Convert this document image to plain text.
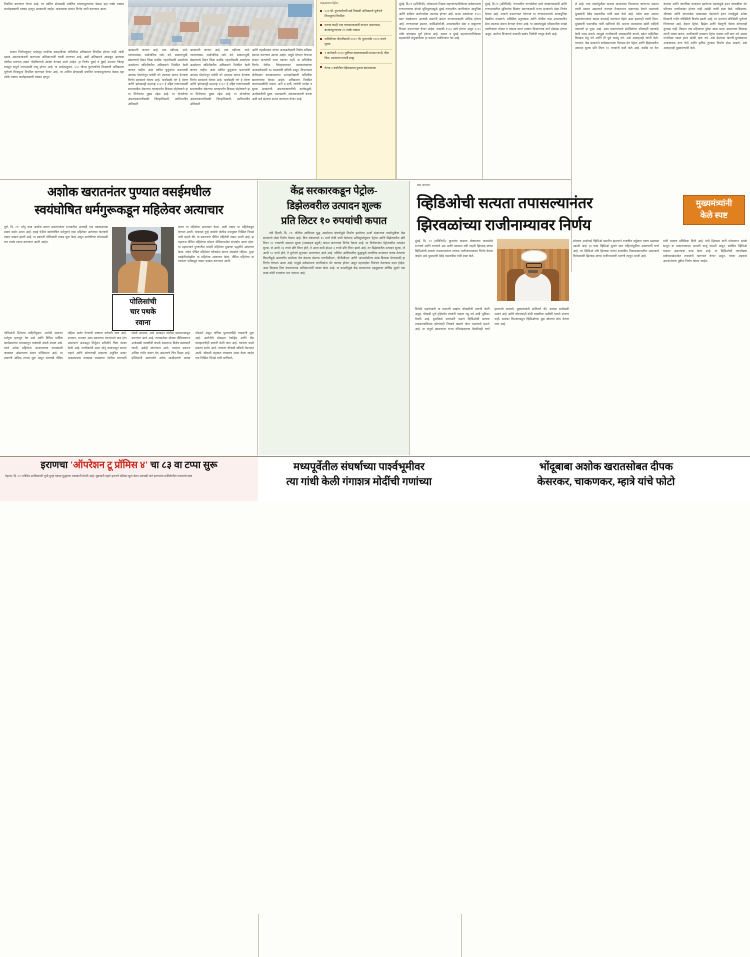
नियमित करण्यात येणार आहे. तर उर्वरित क्षेत्रासाठी प्रचलित बाजारमूल्याच्या केवळ दहा टक्के रक्कम कब्जेहक्काची रक्कम म्हणून आकारली जाईल, याबाबतचा शासन निर्णय जारी करण्यात आला.

शासन निर्णयानुसार भाडेपट्टा नागरिक वसाहतीच्या जमिनीवर अतिक्रमण नियमित होणार नाही. याची दक्षता अंमलबजावणी करणाऱ्या अधिकाऱ्यांनी घ्यावी लागणार आहे. अशी अतिक्रमणे आढळून आल्यास पोलीस ठाण्यात तक्रार नोंदविण्याचे आदेश देण्यात आले आहेत. हा निर्णय मुंबई व मुंबई उपनगर जिल्हा वगळून संपूर्ण राज्यासाठी लागू होणार आहे. या आदेशानुसार, ५०० चौरस फुटांपर्यंतचे मिळकती अतिक्रमण पूर्णपणे विनामूल्य नियमित करण्यात येणार आहे. तर उर्वरित क्षेत्रासाठी प्रचलित बाजारमूल्याच्या केवळ दहा टक्के रक्कम कब्जेहक्काची रक्कम म्हणून

आकारली जाणार आहे. मात्र नदीपात्र, नाले, नाल्याजवळ, सार्वजनिक रस्ते, वने, स्मशानभूमी, खेळण्याचे मैदान किंवा राखीव, रहदारीसाठी असलेल्या असलेल्या जमिनीवरील अतिक्रमणे नियमित केली जाणार नाहीत. अशा बाधित कुटुंबांना 'प्रधानमंत्री आवास योजने'तून पर्यायी घरे उपलब्ध करून देण्याचा निर्णय सरकारने घेतला आहे. 'सर्वांसाठी घरे' हे धोरण आणि 'झोपडपट्टी महाराष्ट्र २०२२' हे उद्दिष्ट गाठण्यासाठी समाजातील शेवटच्या घटकापर्यंत विकास पोहोचवणे हा या निर्णयाचा मुख्य उद्देश आहे. या योजनेच्या अंमलबजावणीसाठी जिल्हाधिकारी, उपविभागीय अधिकारी

आकारली जाणार आहे. मात्र नदीपात्र, नाले, नाल्याजवळ, सार्वजनिक रस्ते, वने, स्मशानभूमी, खेळण्याचे मैदान किंवा राखीव, रहदारीसाठी असलेल्या असलेल्या जमिनीवरील अतिक्रमणे नियमित केली जाणार नाहीत. अशा बाधित कुटुंबांना 'प्रधानमंत्री आवास योजने'तून पर्यायी घरे उपलब्ध करून देण्याचा निर्णय सरकारने घेतला आहे. 'सर्वांसाठी घरे' हे धोरण आणि 'झोपडपट्टी महाराष्ट्र २०२२' हे उद्दिष्ट गाठण्यासाठी समाजातील शेवटच्या घटकापर्यंत विकास पोहोचवणे हा या निर्णयाचा मुख्य उद्देश आहे. या योजनेच्या अंमलबजावणीसाठी जिल्हाधिकारी, उपविभागीय अधिकारी

आणि तहसीलदार यांच्या अध्यक्षतेखाली विशेष समित्या स्थापन करण्यात आल्या आहेत. यापुढे देण्यात येणाऱ्या शासन मान्यतेची गरज पडणार नाही. या समितीचा निर्णय घेतील, जिल्हास्तरावर पालकमंत्र्यांच्या अध्यक्षतेखाली १७ सदस्यांची समिती असून, विभागस्तर क्षेत्रीयस्तर कामकाजाच्या अध्यक्षतेखाली समितीचा स्थापण्याचा वेगळा आहेत. अतिक्रमण नियमित करण्यासाठीची पात्रता, अटी व शर्ती, जागेची मर्यादा व शुल्क आकारणी, अंमलबजावणीची कार्यपद्धती, अर्जांसाठीची मुदत, पडताळणी, अंमलबजावणी यंत्रणा अशी सर्व संरचना सज्ज करण्यात येणार आहे.

पाऊसमात येईल.
५०० चौ. फुटापर्यंतची सर्व निवासी अतिक्रमणे पूर्णपणे विनामूल्य नियमित
घराचा काही भाग व्यवसायासाठी वापरत असल्यास, बाजारमूल्याच्या २५ टक्के रक्कम
जमिनीच्या नोंदणीसाठी १००० चौ. फुटापर्यंत १००० रुपये शुल्क
१ जानेवारी २०११ पूर्वीच्या वास्तव्यासाठी मतदार यादी, वीज बिल, मालमत्ता पावती ग्राह्य
गेल्या १ वर्षातील रहिवासाचा पुरावा बंधनकारक

मुंबई, दि.२९ (प्रतिनिधी): लोकमान्य टिळक महानगरपालिकेच्या सर्वसाधारण रुग्णालयाच्या दोनशे भूमिपूजनामुळे मुंबई राज्यातील नागरिकांना आधुनिक आणि दर्जेदार आरोग्यसेवा उपलब्ध होणार आहे. सध्या असलेल्या १५०० खाट संख्येवरून आणखी खाटांनी क्षमता रुग्णालयासाठी अधिक होणार आहे. रुग्णालयात इमारत, कार्डिओलॉजी, आपत्कालीन सेवा व बाह्यरुग्ण विभाग उभारण्यात येणार आहेत. यासाठी १५०० खर्च होणार असून २०२० पर्यंत बांधकाम पूर्ण होणार आहे. शासन व मुंबई महानगरपालिकेच्या सहकार्याने संयुक्तरीत्या हा प्रकल्प राबविण्यात येत आहे.

मुंबई, दि.२९ (प्रतिनिधी): राज्यातील रुग्णसेवेचा दर्जा उंचावण्यासाठी आणि रुग्णालयांतील सुविधांचा विस्तार करण्यासाठी राज्य सरकारने मोठा निर्णय घेतला आहे. नव्याने उभारण्यात येणाऱ्या या रुग्णालयामध्ये अत्याधुनिक वैद्यकीय उपकरणे, प्रशिक्षित मनुष्यबळ आणि चोवीस तास आपत्कालीन सेवा उपलब्ध करून देण्यात येणार आहे. या प्रकल्पामुळे परिसरातील लाखो नागरिकांना मोफत व माफक दरात उपचार मिळण्याचा मार्ग मोकळा होणार असून, आरोग्य विभागाने यासाठी स्वतंत्र निधीची तरतूद केली आहे.

ले आहे. याच पार्श्वभूमीवर समाज माध्यमांवर फिरवल्या जाणाऱ्या अफवा त्यांनी पसरत असल्याने राज्यात गैरकारभार वाढण्यास वेगाने नसल्याचे मुख्यमंत्री देवेंद्र फडणवीस यांनी स्पष्ट केले आहे. तसेच अशा अफवा पसरवणाऱ्यांवर कडक कारवाई करण्यात येईल असा इशाराही त्यांनी दिला. मुख्यमंत्री फडणवीस यांनी सांगितले की, समाज माध्यमांवर खोटी माहिती पसरवणे हा गुन्हा आहे. अशा प्रकरणांमध्ये संबंधितांवर फौजदारी कारवाई केली जाऊ शकते. त्यामुळे नागरिकांनी जबाबदारीने वागणे, खोटा माहितीवर विश्वास ठेवू नये आणि ती पुढे पाठवू नये, असे आवाहनही त्यांनी केले. दरम्यान, केंद्र सरकारने सर्वसामान्यांना दिलासा देत पेट्रोल आणि डिझेलवरील उत्पादन शुल्क प्रति लिटर १० रुपयांनी कमी केले आहे. वाढीव दर तेल कंपन्या आणि जागतिक बाजारात झालेल्या बदलांमुळे इंधन दरवाढीचा थेट परिणाम नागरिकांवर होणार नाही असेही त्यांनी स्पष्ट केले. पाकिस्तान, श्रीलंका आणि बांगलादेश यांसारख्या देशांमध्ये इंधन टंचाईमुळे अनेक ठिकाणी गंभीर परिस्थिती निर्माण झाली आहे, तर भारतात परिस्थिती पूर्णपणे नियंत्रणात आहे. देशात पेट्रोल, डिझेल आणि गॅसगुणी गॅसचा कोणताही तुटवडा नाही. किमान एक महिन्याचा पुरेसा साठा सध्या असल्याचा विश्वास त्यांनी व्यक्त करून, नागरिकांनी घाबरून पेट्रोल पंपावर गर्दी करू नये अथवा गरजेपेक्षा जास्त इंधन खरेदी करू नये. असे केल्यास मागणी-पुरवठ्यावर अनावश्यक ताण येतो आणि कृत्रिम तुटवडा निर्माण होऊ शकतो, असे आवाहनही मुख्यमंत्र्यांनी केले.

अशोक खरातनंतर पुण्यात वसईमधील
स्वयंघोषित धर्मगुरूकडून महिलेवर अत्याचार

पुणे, दि. २९: भोंदू बाबा अशोक खरात प्रकरणानंतर राज्यातील आणखी एक धक्कादायक प्रकार समोर आला आहे. वसई येथील स्वयंघोषित धर्मगुरूने एका महिलेवर अत्याचार केल्याची तक्रार दाखल झाली आहे. या प्रकरणी पोलिसांनी तपास सुरू केला असून आरोपीच्या शोधासाठी चार पथके रवाना करण्यात आली आहेत.

पोलिसांची
चार पथके
रवाना

लावर या महिलेचा अत्याचार केला. अशी तक्रार या महिलेकडून देण्यात आली. याबाबत गुन्हे शाखेचे पोलीस उपायुक्त निखिल पिंगळे यांनी म्हटले की, या प्रकरणात पीडित महिलेची तक्रार आली आहे. हा महाराज पीडित महिलेच्या सोशल मीडियामार्फत संपर्कात आला होता. या महाराजाने पुण्यातील मांजरी महिलेवर बुवाच्या पद्धतीने अत्याचार केला. तसेच पीडित महिलेवर ब्लॅकमेल करून संपर्कात राहिला. पुन्हा वसईतीलदेखील या महिलेचा अत्याचार केला. पीडित महिलेचा या त्यानंतर पतीकडून तक्रार दाखल करण्यात आली.

पोलिसांनी दिलेल्या माहितीनुसार, आरोपी स्वतःला धर्मगुरू म्हणवून घेत असे आणि विविध धार्मिक कार्यक्रमांच्या माध्यमातून भक्तांशी संपर्क साधत असे. त्याने अनेक महिलांना अध्यात्माच्या नावाखाली जाळ्यात ओढल्याचा संशय पोलिसांना आहे. या प्रकरणी अधिक तपास सुरू असून आणखी पीडित महिला समोर येण्याची शक्यता वर्तवली जात आहे. दरम्यान, राज्यात अशा प्रकारच्या घटनांमध्ये वाढ होत असल्याने अंधश्रद्धा निर्मूलन समितीने चिंता व्यक्त केली आहे. नागरिकांनी अशा भोंदू बाबांपासून सावध राहावे आणि कोणत्याही प्रकारचा अनुचित प्रकार आढळल्यास तात्काळ जवळच्या पोलीस ठाण्याशी संपर्क साधावा, असे आवाहन पोलीस प्रशासनाकडून करण्यात आले आहे. त्याचबरोबर सोशल मीडियावरून अनोळखी व्यक्तींशी संपर्क साधताना विशेष खबरदारी घ्यावी, असेही सांगण्यात आले. त्यानंतर प्रकरण अधिक गंभीर वळण घेत असल्याचे चित्र दिसत आहे. पोलिसांनी आतापर्यंत अनेक साक्षीदारांचे जबाब नोंदवले असून तांत्रिक पुराव्यांचीही तपासणी सुरू आहे. आरोपीचे मोबाइल रेकॉर्ड्स आणि बँक व्यवहारांचीही छाननी केली जात आहे. त्यानंतर घडले प्रकरण समोर आले. त्यानंतर चौकशी समिती नेमण्यात आली. चौकशी अहवाल लवकरच सादर केला जाईल एक निखिल पिंगळे यांनी सांगितले.

केंद्र सरकारकडून पेट्रोल-
डिझेलवरील उत्पादन शुल्क
प्रति लिटर १० रुपयांची कपात

नवी दिल्ली, दि. २९: पश्चिम आशियात युद्ध असलेल्या संघर्षामुळे निर्माण झालेल्या ऊर्जा संकटाच्या पार्श्वभूमीवर केंद्र सरकारने मोठा निर्णय घेतला आहे. वित्त मंत्रालयाने १५ मार्च रोजी जारी केलेल्या अधिसूचनेनुसार पेट्रोल आणि डिझेलवरील प्रति लिटर १० रुपयांची उत्पादन शुल्क (एक्साइज ड्युटी) कपात करण्याचा निर्णय घेतला आहे. या निर्णयानंतर पेट्रोलवरील उत्पादन शुल्क, जे आधी १३ रुपये प्रति लिटर होते, ते आता कमी होऊन ३ रुपये प्रति लिटर झाले आहे. तर डिझेलवरील उत्पादन शुल्क, जे आधी १० रुपये होते, ते पूर्णपणे शून्यावर आणण्यात आले आहे. पश्चिम आशियातील युद्धामुळे जागतिक बाजारात कच्चा तेलाच्या किमतीमुळे अडचणीत आलेल्या तेल कंपन्या कंपन्या 'एचपीसीएल', 'बीपीसीएल' आणि 'आयओसी'ला खांद्य दिलासा देण्यासाठी हा निर्णय घेण्यात आला आहे. यामुळे सर्वसामान्य नागरिकांना थेट फायदा होणार असून महागाईवर नियंत्रण ठेवण्यास मदत होईल, असा विश्वास वित्त मंत्रालयाच्या अधिकाऱ्यांनी व्यक्त केला आहे. या कपातीमुळे केंद्र सरकारच्या महसुलावर वार्षिक सुमारे एक लाख कोटी रुपयांचा भार पडणार आहे.

दाम साधला.
व्हिडिओची सत्यता तपासल्यानंतर
झिरवळांच्या राजीनाम्यावर निर्णय
मुख्यमंत्र्यांनी
केले स्पष्ट

मुंबई, दि. २९ (प्रतिनिधी): कुन्यांचा वाढत्या धोक्याच्या पाठवलेले राज्याचे आणि राज्याचे अन्न आणि प्रशासन मंत्री नरहरी झिरवळ यांच्या व्हिडिओची सत्यता तपासल्यानंतर त्यांच्या राजीनाम्याबाबत निर्णय घेतला जाईल असे मुख्यमंत्री देवेंद्र फडणवीस यांनी स्पष्ट केले.

सोबतच आक्षेपार्ह व्हिडिओ प्रसारित झाल्याने राजकीय वर्तुळात एकच खळबळ उडाली आहे. हा दावा व्हिडिओ सुमारे सात महिन्यांपूर्वीचा असल्याची चर्चा आहे. तर व्हिडिओ मंत्री झिरवळ यांच्या शासकीय निवासस्थानातील असल्याचे विरोधकांनी झिरवळ यांच्या राजीनाम्याची मागणी लावून धरली आहे.

यांनी प्रथमच प्रतिक्रिया दिली आहे. मंत्री झिरवळ यांनी फोनवरून संपर्क साधून या प्रकरणाबाबत आपली बाजू मांडली असून, संबंधित व्हिडिओ बनावट असल्याचा दावा केला आहे. या व्हिडिओची न्यायवैद्यक प्रयोगशाळेमार्फत तपासणी करण्यात येणार असून, त्याचा अहवाल आल्यानंतरच पुढील निर्णय घेतला जाईल.

विरोधी पक्षनेत्यांनी या प्रकरणी सखोल चौकशीची मागणी केली असून, चौकशी पूर्ण होईपर्यंत मंत्र्यांनी पदावर राहू नये अशी भूमिका घेतली आहे. दुसरीकडे सत्ताधारी पक्षाने व्हिडिओची सत्यता तपासल्याशिवाय कोणताही निष्कर्ष काढणे योग्य नसल्याचे म्हटले आहे. या संपूर्ण प्रकरणावर राज्य मंत्रिमंडळाच्या बैठकीतही चर्चा झाल्याचे समजते. मुख्यमंत्र्यांनी सांगितले की, कायदा सर्वांसाठी समान आहे आणि कोणत्याही दोषी व्यक्तीला पाठीशी घातले जाणार नाही. सायबर विभागाकडून व्हिडिओच्या मूळ स्रोताचा शोध घेतला जात आहे.

इराणचा 'ऑपरेशन टू प्रॉमिस ४' चा ८३ वा टप्पा सुरू
तेहरान, दि. २९: पश्चिम आशियावरी भूमी पुन्हा एकदा युद्धाच्या ज्वाळांनी पेटली आहे. शुक्रवारी पहाटे इराणने सीमेवर सुरू केला आणखी नाते हल्ल्याचा मालिकेतील नवल्याचे स्पष्ट
मध्यपूर्वेतील संघर्षाच्या पार्श्वभूमीवर
त्या गांधी केली गंगाशत्र मोदींची गणांच्या
भोंदूबाबा अशोक खरातसोबत दीपक
केसरकर, चाकणकर, म्हात्रे यांचे फोटो
